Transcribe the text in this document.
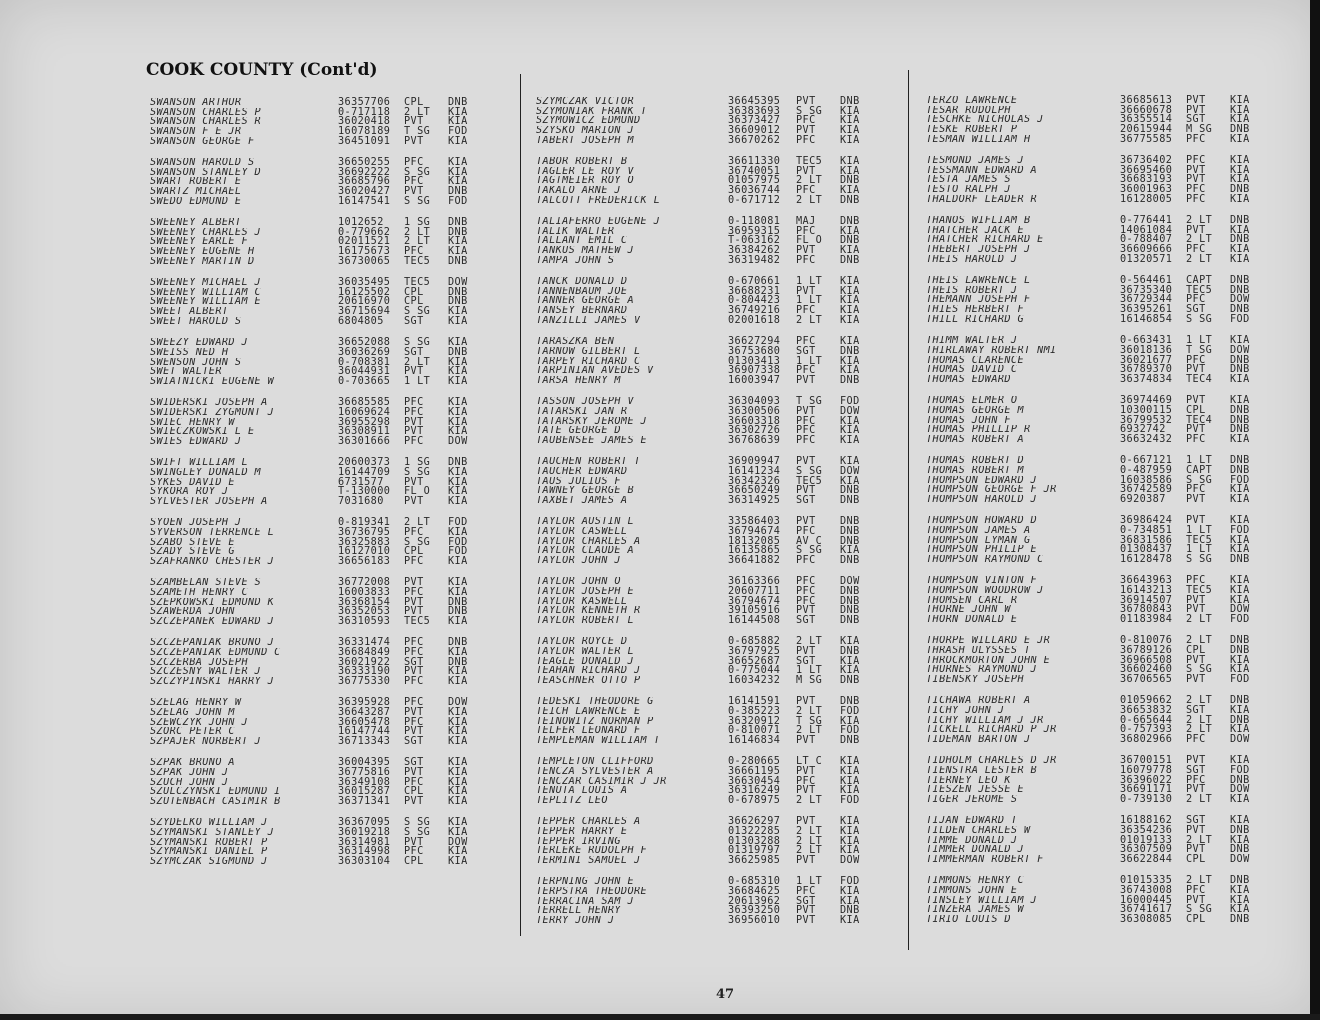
COOK COUNTY (Cont'd)
SWANSON ARTHUR	36357706	CPL	DNB
SWANSON CHARLES P	0-717118	2 LT	KIA
SWANSON CHARLES R	36020418	PVT	KIA
SWANSON F E JR	16078189	T SG	FOD
SWANSON GEORGE F	36451091	PVT	KIA
SWANSON HAROLD S	36650255	PFC	KIA
SWANSON STANLEY D	36692222	S SG	KIA
SWART ROBERT E	36685796	PFC	KIA
SWARTZ MICHAEL	36020427	PVT	DNB
SWEDO EDMUND E	16147541	S SG	FOD
SWEENEY ALBERT	1012652	1 SG	DNB
SWEENEY CHARLES J	0-779662	2 LT	DNB
SWEENEY EARLE F	02011521	2 LT	KIA
SWEENEY EUGENE H	16175673	PFC	KIA
SWEENEY MARTIN D	36730065	TEC5	DNB
SWEENEY MICHAEL J	36035495	TEC5	DOW
SWEENEY WILLIAM C	16125502	CPL	DNB
SWEENEY WILLIAM E	20616970	CPL	DNB
SWEET ALBERT	36715694	S SG	KIA
SWEET HAROLD S	6804805	SGT	KIA
SWEEZY EDWARD J	36652088	S SG	KIA
SWEISS NED H	36036269	SGT	DNB
SWENSON JOHN S	0-708381	2 LT	KIA
SWET WALTER	36044931	PVT	KIA
SWIATNICKI EUGENE W	0-703665	1 LT	KIA
SWIDERSKI JOSEPH A	36685585	PFC	KIA
SWIDERSKI ZYGMUNT J	16069624	PFC	KIA
SWIEC HENRY W	36955298	PVT	KIA
SWIECZKOWSKI L E	36308911	PVT	KIA
SWIES EDWARD J	36301666	PFC	DOW
SWIFT WILLIAM L	20600373	1 SG	DNB
SWINGLEY DONALD M	16144709	S SG	KIA
SYKES DAVID E	6731577	PVT	KIA
SYKORA ROY J	T-130000	FL O	KIA
SYLVESTER JOSEPH A	7031680	PVT	KIA
SYOEN JOSEPH J	0-819341	2 LT	FOD
SYVERSON TERRENCE L	36736795	PFC	KIA
SZABO STEVE E	36325883	S SG	FOD
SZADY STEVE G	16127010	CPL	FOD
SZAFRANKO CHESTER J	36656183	PFC	KIA
SZAMBELAN STEVE S	36772008	PVT	KIA
SZAMETH HENRY C	16003833	PFC	KIA
SZEPKOWSKI EDMUND K	36368154	PVT	DNB
SZAWERDA JOHN	36352053	PVT	DNB
SZCZEPANEK EDWARD J	36310593	TEC5	KIA
SZCZEPANIAK BRUNO J	36331474	PFC	DNB
SZCZEPANIAK EDMUND C	36684849	PFC	KIA
SZCZERBA JOSEPH	36021922	SGT	DNB
SZCZESNY WALTER J	36333190	PVT	KIA
SZCZYPINSKI HARRY J	36775330	PFC	KIA
SZELAG HENRY W	36395928	PFC	DOW
SZELAG JOHN M	36643287	PVT	KIA
SZEWCZYK JOHN J	36605478	PFC	KIA
SZORC PETER C	16147744	PVT	KIA
SZPAJER NORBERT J	36713343	SGT	KIA
SZPAK BRUNO A	36004395	SGT	KIA
SZPAK JOHN J	36775816	PVT	KIA
SZUCH JOHN J	36349108	PFC	KIA
SZULCZYNSKI EDMUND I	36015287	CPL	KIA
SZUTENBACH CASIMIR B	36371341	PVT	KIA
SZYDELKO WILLIAM J	36367095	S SG	KIA
SZYMANSKI STANLEY J	36019218	S SG	KIA
SZYMANSKI ROBERT P	36314981	PVT	DOW
SZYMANSKI DANIEL P	36314998	PFC	KIA
SZYMCZAK SIGMUND J	36303104	CPL	KIA
SZYMCZAK VICTOR	36645395	PVT	DNB
SZYMONIAK FRANK T	36383693	S SG	KIA
SZYMOWICZ EDMUND	36373427	PFC	KIA
SZYSKO MARION J	36609012	PVT	KIA
TABERT JOSEPH M	36670262	PFC	KIA
TABOR ROBERT B	36611330	TEC5	KIA
TAGLER LE ROY V	36740051	PVT	KIA
TAGTMEIER ROY O	01057975	2 LT	DNB
TAKALO ARNE J	36036744	PFC	KIA
TALCOTT FREDERICK L	0-671712	2 LT	DNB
TALIAFERRO EUGENE J	0-118081	MAJ	DNB
TALIK WALTER	36959315	PFC	KIA
TALLANT EMIL C	T-063162	FL O	DNB
TANKUS MATHEW J	36384262	PVT	KIA
TAMPA JOHN S	36319482	PFC	DNB
TANCK DONALD D	0-670661	1 LT	KIA
TANNENBAUM JOE	36688231	PVT	KIA
TANNER GEORGE A	0-804423	1 LT	KIA
TANSEY BERNARD	36749216	PFC	KIA
TANZILLI JAMES V	02001618	2 LT	KIA
TARASZKA BEN	36627294	PFC	KIA
TARNOW GILBERT L	36753680	SGT	DNB
TARPEY RICHARD C	01303413	1 LT	KIA
TARPINIAN AVEDES V	36907338	PFC	KIA
TARSA HENRY M	16003947	PVT	DNB
TASSON JOSEPH V	36304093	T SG	FOD
TATARSKI JAN R	36300506	PVT	DOW
TATARSKY JEROME J	36603318	PFC	KIA
TATE GEORGE D	36302726	PFC	KIA
TAUBENSEE JAMES E	36768639	PFC	KIA
TAUCHEN ROBERT T	36909947	PVT	KIA
TAUCHER EDWARD	16141234	S SG	DOW
TAUS JULIUS F	36342326	TEC5	KIA
TAWNEY GEORGE B	36650249	PVT	DNB
TAXBET JAMES A	36314925	SGT	DNB
TAYLOR AUSTIN L	33586403	PVT	DNB
TAYLOR CASWELL	36794674	PFC	DNB
TAYLOR CHARLES A	18132085	AV C	DNB
TAYLOR CLAUDE A	16135865	S SG	KIA
TAYLOR JOHN J	36641882	PFC	DNB
TAYLOR JOHN O	36163366	PFC	DOW
TAYLOR JOSEPH E	20607711	PFC	DNB
TAYLOR KASWELL	36794674	PFC	DNB
TAYLOR KENNETH R	39105916	PVT	DNB
TAYLOR ROBERT L	16144508	SGT	DNB
TAYLOR ROYCE D	0-685882	2 LT	KIA
TAYLOR WALTER L	36797925	PVT	DNB
TEAGLE DONALD J	36652687	SGT	KIA
TEAHAN RICHARD J	0-775044	1 LT	KIA
TEASCHNER OTTO P	16034232	M SG	DNB
TEDESKI THEODORE G	16141591	PVT	DNB
TEICH LAWRENCE E	0-385223	2 LT	FOD
TEINOWITZ NORMAN P	36320912	T SG	KIA
TELFER LEONARD F	0-810071	2 LT	FOD
TEMPLEMAN WILLIAM T	16146834	PVT	DNB
TEMPLETON CLIFFORD	0-280665	LT C	KIA
TENCZA SYLVESTER A	36661195	PVT	KIA
TENCZAR CASIMIR J JR	36630454	PFC	KIA
TENUTA LOUIS A	36316249	PVT	KIA
TEPLITZ LEO	0-678975	2 LT	FOD
TEPPER CHARLES A	36626297	PVT	KIA
TEPPER HARRY E	01322285	2 LT	KIA
TEPPER IRVING	01303288	2 LT	KIA
TERLEKE RUDOLPH F	01319797	2 LT	KIA
TERMINI SAMUEL J	36625985	PVT	DOW
TERPNING JOHN E	0-685310	1 LT	FOD
TERPSTRA THEODORE	36684625	PFC	KIA
TERRACINA SAM J	20613962	SGT	KIA
TERRELL HENRY	36393250	PVT	DNB
TERRY JOHN J	36956010	PVT	KIA
TERZO LAWRENCE	36685613	PVT	KIA
TESAR RUDOLPH	36660678	PVT	KIA
TESCHKE NICHOLAS J	36355514	SGT	KIA
TESKE ROBERT P	20615944	M SG	DNB
TESMAN WILLIAM H	36775585	PFC	KIA
TESMOND JAMES J	36736402	PFC	KIA
TESSMANN EDWARD A	36695460	PVT	KIA
TESTA JAMES S	36683193	PVT	KIA
TESTO RALPH J	36001963	PFC	DNB
THALDORF LEADER R	16128005	PFC	KIA
THANOS WIFLIAM B	0-776441	2 LT	DNB
THATCHER JACK E	14061084	PVT	KIA
THATCHER RICHARD E	0-788407	2 LT	DNB
THEBERT JOSEPH J	36609666	PFC	KIA
THEIS HAROLD J	01320571	2 LT	KIA
THEIS LAWRENCE L	0-564461	CAPT	DNB
THEIS ROBERT J	36735340	TEC5	DNB
THEMANN JOSEPH F	36729344	PFC	DOW
THIES HERBERT F	36395261	SGT	DNB
THILL RICHARD G	16146854	S SG	FOD
THIMM WALTER J	0-663431	1 LT	KIA
THIRLAWAY ROBERT NMI	36018136	T SG	DOW
THOMAS CLARENCE	36021677	PFC	DNB
THOMAS DAVID C	36789370	PVT	DNB
THOMAS EDWARD	36374834	TEC4	KIA
THOMAS ELMER O	36974469	PVT	KIA
THOMAS GEORGE M	10300115	CPL	DNB
THOMAS JOHN F	36799532	TEC4	DNB
THOMAS PHILLIP R	6932742	PVT	DNB
THOMAS ROBERT A	36632432	PFC	KIA
THOMAS ROBERT D	0-667121	1 LT	DNB
THOMAS ROBERT M	0-487959	CAPT	DNB
THOMPSON EDWARD J	16038586	S SG	FOD
THOMPSON GEORGE F JR	36742589	PFC	KIA
THOMPSON HAROLD J	6920387	PVT	KIA
THOMPSON HOWARD D	36986424	PVT	KIA
THOMPSON JAMES A	0-734851	1 LT	FOD
THOMPSON LYMAN G	36831586	TEC5	KIA
THOMPSON PHILIP E	01308437	1 LT	KIA
THOMPSON RAYMOND C	16128478	S SG	DNB
THOMPSON VINTON F	36643963	PFC	KIA
THOMPSON WOODROW J	16143213	TEC5	KIA
THOMSEN CARL R	36914507	PVT	KIA
THORNE JOHN W	36780843	PVT	DOW
THORN DONALD E	01183984	2 LT	FOD
THORPE WILLARD E JR	0-810076	2 LT	DNB
THRASH ULYSSES T	36789126	CPL	DNB
THROCKMORTON JOHN E	36966508	PVT	KIA
THURNES RAYMOND J	36602460	S SG	KIA
TIBENSKY JOSEPH	36706565	PVT	FOD
TICHAWA ROBERT A	01059662	2 LT	DNB
TICHY JOHN J	36653832	SGT	KIA
TICHY WILLIAM J JR	0-665644	2 LT	DNB
TICKELL RICHARD P JR	0-757393	2 LT	KIA
TIDEMAN BARTON J	36802966	PFC	DOW
TIDHOLM CHARLES D JR	36700151	PVT	KIA
TIENSTRA LESTER B	16079778	SGT	FOD
TIERNEY LEO K	36396022	PFC	DNB
TIESZEN JESSE E	36691171	PVT	DOW
TIGER JEROME S	0-739130	2 LT	KIA
TIJAN EDWARD T	16188162	SGT	KIA
TILDEN CHARLES W	36354236	PVT	DNB
TIMME DONALD J	01019133	2 LT	KIA
TIMMER DONALD J	36307509	PVT	DNB
TIMMERMAN ROBERT F	36622844	CPL	DOW
TIMMONS HENRY C	01015335	2 LT	DNB
TIMMONS JOHN E	36743008	PFC	KIA
TINSLEY WILLIAM J	16000445	PVT	KIA
TINZERA JAMES W	36741617	S SG	KIA
TIRIO LOUIS D	36308085	CPL	DNB
47
